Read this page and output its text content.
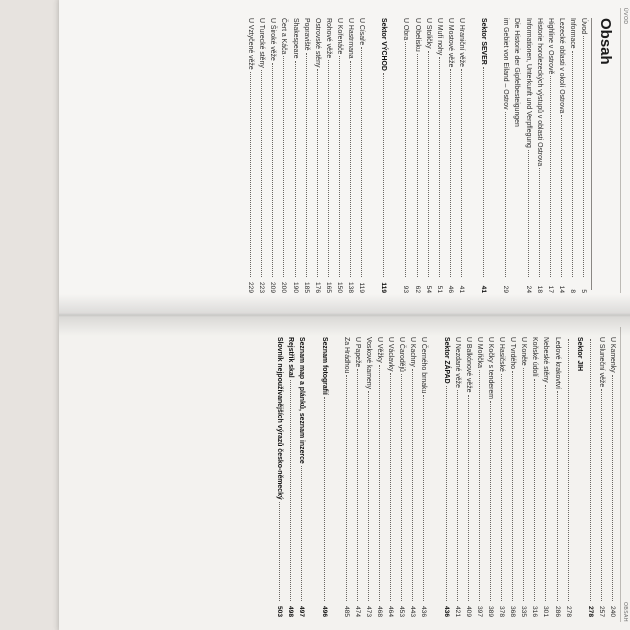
ÚVOD
Obsah
Úvod
5
Informace
8
Lezecké oblasti v okolí Ostrova
14
Highline v Ostrově
17
Historie horolezeckých výstupů v oblasti Ostrova
18
Informationen, Unterkunft und Verpflegung
24
Die Historie der Gipfelbesteigungen
im Gebiet von Eiland – Ostrov
29
Sektor SEVER
41
U Hraniční věže
41
U Mostové věže
46
U Mufí nohy
51
U Stoličky
54
U Obelisku
62
U Obra
93
Sektor VÝCHOD
119
U Císaře
119
U Hastrmana
138
U Kořenáče
150
Rohové věže
165
Ostrovské stěny
176
Popraviště
185
Shakespeare
190
Čert a Káča
200
U Široké věže
209
U Turecké stěny
223
U Vztyčené věže
229
OBSAH
U Kamenky
240
U Sluneční věže
257
278
Sektor JIH
278
Ledové krakovtví
286
Nebeské stěny
301
Koňské údolí
316
U Koněte
335
U Tvrdého
368
U Hasičské
378
U Kočky s tenderem
389
U Mořička
397
U Balkónové věže
409
U Nezdané věže
421
Sektor ZÁPAD
436
U Černého brnaku
436
U Kachny
443
U Čarodějů
453
U Václavky
464
U Věžky
468
Voskové kameny
473
U Papeže
474
Za Hrádhou
485
Seznam fotografií
496
Seznam map a plánků, seznam inzerce
497
Rejstřík skal
498
Slovník nejpoužívanějších výrazů česko-německý
503
